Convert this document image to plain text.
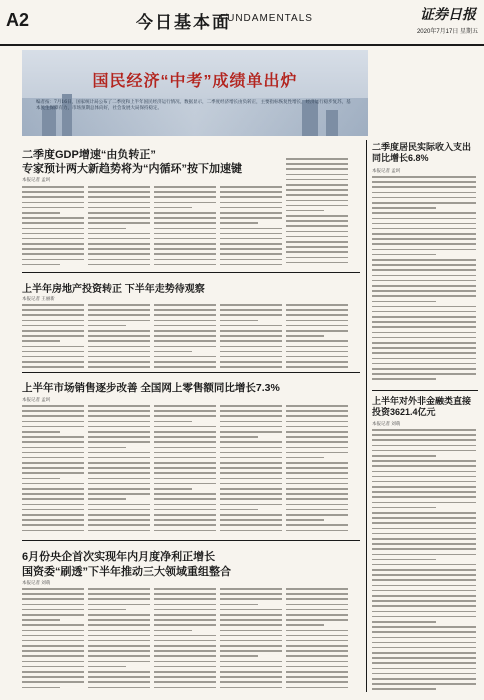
A2	今日基本面
FUNDAMENTALS	证券日报
2020年7月17日 星期五
国民经济“中考”成绩单出炉
编者按：7月16日，国家统计局公布了二季度和上半年国民经济运行情况。数据显示，二季度经济增长由负转正，主要指标恢复性增长，经济运行稳步复苏，基本民生保障有力，市场预期总体向好，社会发展大局保持稳定。
二季度GDP增速“由负转正”
专家预计两大新趋势将为“内循环”按下加速键
本报记者 孟珂
上半年房地产投资转正 下半年走势待观察
本报记者 王丽新
上半年市场销售逐步改善 全国网上零售额同比增长7.3%
本报记者 孟珂
6月份央企首次实现年内月度净利正增长
国资委“刷透”下半年推动三大领域重组整合
本报记者 刘萌
二季度居民实际收入支出同比增长6.8%
本报记者 孟珂
上半年对外非金融类直接投资3621.4亿元
本报记者 刘萌
